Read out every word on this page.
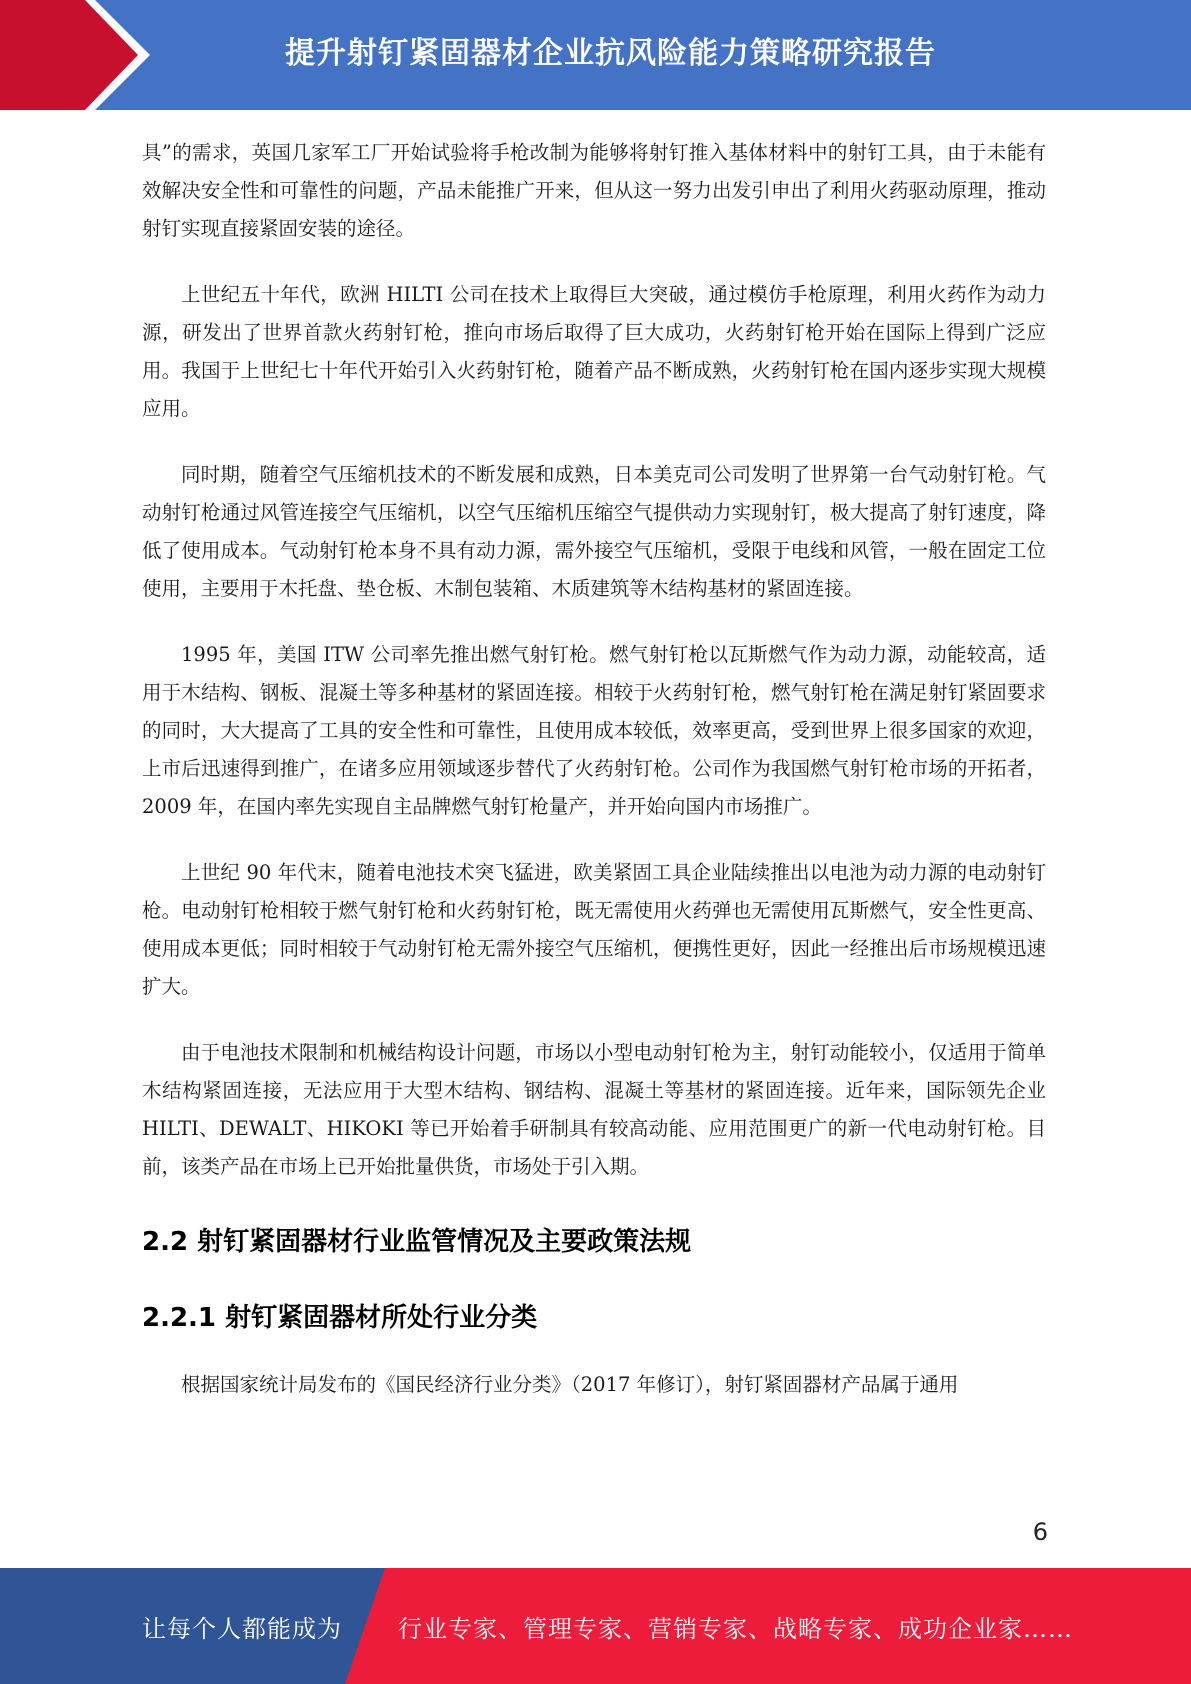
提升射钉紧固器材企业抗风险能力策略研究报告

具”的需求，英国几家军工厂开始试验将手枪改制为能够将射钉推入基体材料中的射钉工具，由于未能有效解决安全性和可靠性的问题，产品未能推广开来，但从这一努力出发引申出了利用火药驱动原理，推动射钉实现直接紧固安装的途径。

上世纪五十年代，欧洲 HILTI 公司在技术上取得巨大突破，通过模仿手枪原理，利用火药作为动力源，研发出了世界首款火药射钉枪，推向市场后取得了巨大成功，火药射钉枪开始在国际上得到广泛应用。我国于上世纪七十年代开始引入火药射钉枪，随着产品不断成熟，火药射钉枪在国内逐步实现大规模应用。

同时期，随着空气压缩机技术的不断发展和成熟，日本美克司公司发明了世界第一台气动射钉枪。气动射钉枪通过风管连接空气压缩机，以空气压缩机压缩空气提供动力实现射钉，极大提高了射钉速度，降低了使用成本。气动射钉枪本身不具有动力源，需外接空气压缩机，受限于电线和风管，一般在固定工位使用，主要用于木托盘、垫仓板、木制包装箱、木质建筑等木结构基材的紧固连接。

1995 年，美国 ITW 公司率先推出燃气射钉枪。燃气射钉枪以瓦斯燃气作为动力源，动能较高，适用于木结构、钢板、混凝土等多种基材的紧固连接。相较于火药射钉枪，燃气射钉枪在满足射钉紧固要求的同时，大大提高了工具的安全性和可靠性，且使用成本较低，效率更高，受到世界上很多国家的欢迎，上市后迅速得到推广，在诸多应用领域逐步替代了火药射钉枪。公司作为我国燃气射钉枪市场的开拓者，2009 年，在国内率先实现自主品牌燃气射钉枪量产，并开始向国内市场推广。

上世纪 90 年代末，随着电池技术突飞猛进，欧美紧固工具企业陆续推出以电池为动力源的电动射钉枪。电动射钉枪相较于燃气射钉枪和火药射钉枪，既无需使用火药弹也无需使用瓦斯燃气，安全性更高、使用成本更低；同时相较于气动射钉枪无需外接空气压缩机，便携性更好，因此一经推出后市场规模迅速扩大。

由于电池技术限制和机械结构设计问题，市场以小型电动射钉枪为主，射钉动能较小，仅适用于简单木结构紧固连接，无法应用于大型木结构、钢结构、混凝土等基材的紧固连接。近年来，国际领先企业 HILTI、DEWALT、HIKOKI 等已开始着手研制具有较高动能、应用范围更广的新一代电动射钉枪。目前，该类产品在市场上已开始批量供货，市场处于引入期。

2.2 射钉紧固器材行业监管情况及主要政策法规
2.2.1 射钉紧固器材所处行业分类

根据国家统计局发布的《国民经济行业分类》（2017 年修订），射钉紧固器材产品属于通用

6
让每个人都能成为 行业专家、管理专家、营销专家、战略专家、成功企业家……
